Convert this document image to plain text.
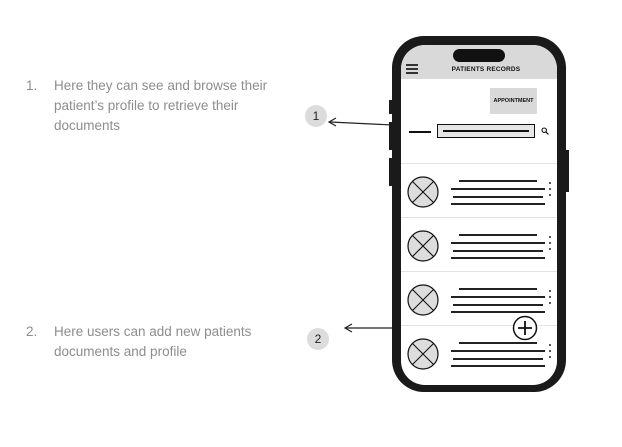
1. Here they can see and browse their patient’s profile to retrieve their documents
2. Here users can add new patients documents and profile
1
2
PATIENTS RECORDS
APPOINTMENT
